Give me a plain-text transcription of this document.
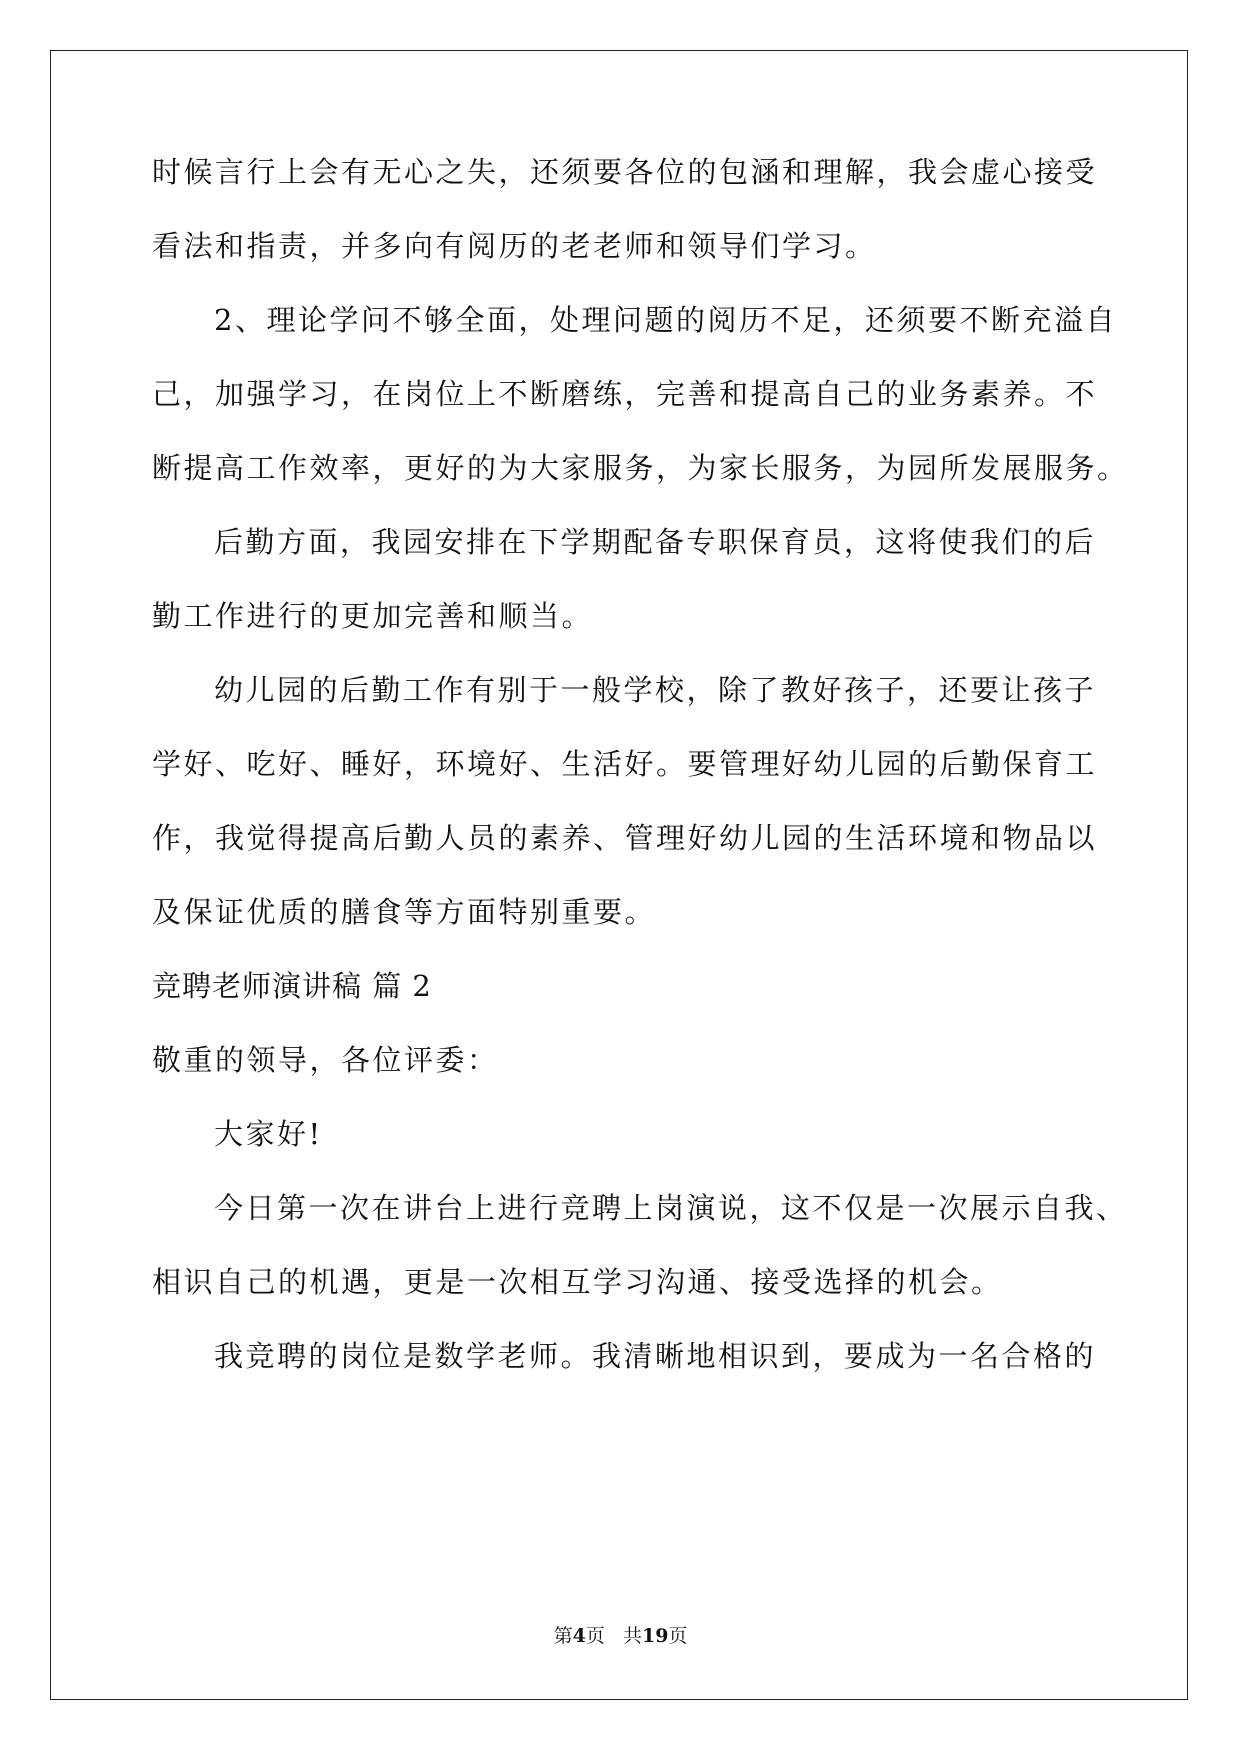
时候言行上会有无心之失，还须要各位的包涵和理解，我会虚心接受
看法和指责，并多向有阅历的老老师和领导们学习。
2、理论学问不够全面，处理问题的阅历不足，还须要不断充溢自
己，加强学习，在岗位上不断磨练，完善和提高自己的业务素养。不
断提高工作效率，更好的为大家服务，为家长服务，为园所发展服务。
后勤方面，我园安排在下学期配备专职保育员，这将使我们的后
勤工作进行的更加完善和顺当。
幼儿园的后勤工作有别于一般学校，除了教好孩子，还要让孩子
学好、吃好、睡好，环境好、生活好。要管理好幼儿园的后勤保育工
作，我觉得提高后勤人员的素养、管理好幼儿园的生活环境和物品以
及保证优质的膳食等方面特别重要。
竞聘老师演讲稿 篇 2
敬重的领导，各位评委：
大家好!
今日第一次在讲台上进行竞聘上岗演说，这不仅是一次展示自我、
相识自己的机遇，更是一次相互学习沟通、接受选择的机会。
我竞聘的岗位是数学老师。我清晰地相识到，要成为一名合格的
第4页 共19页
